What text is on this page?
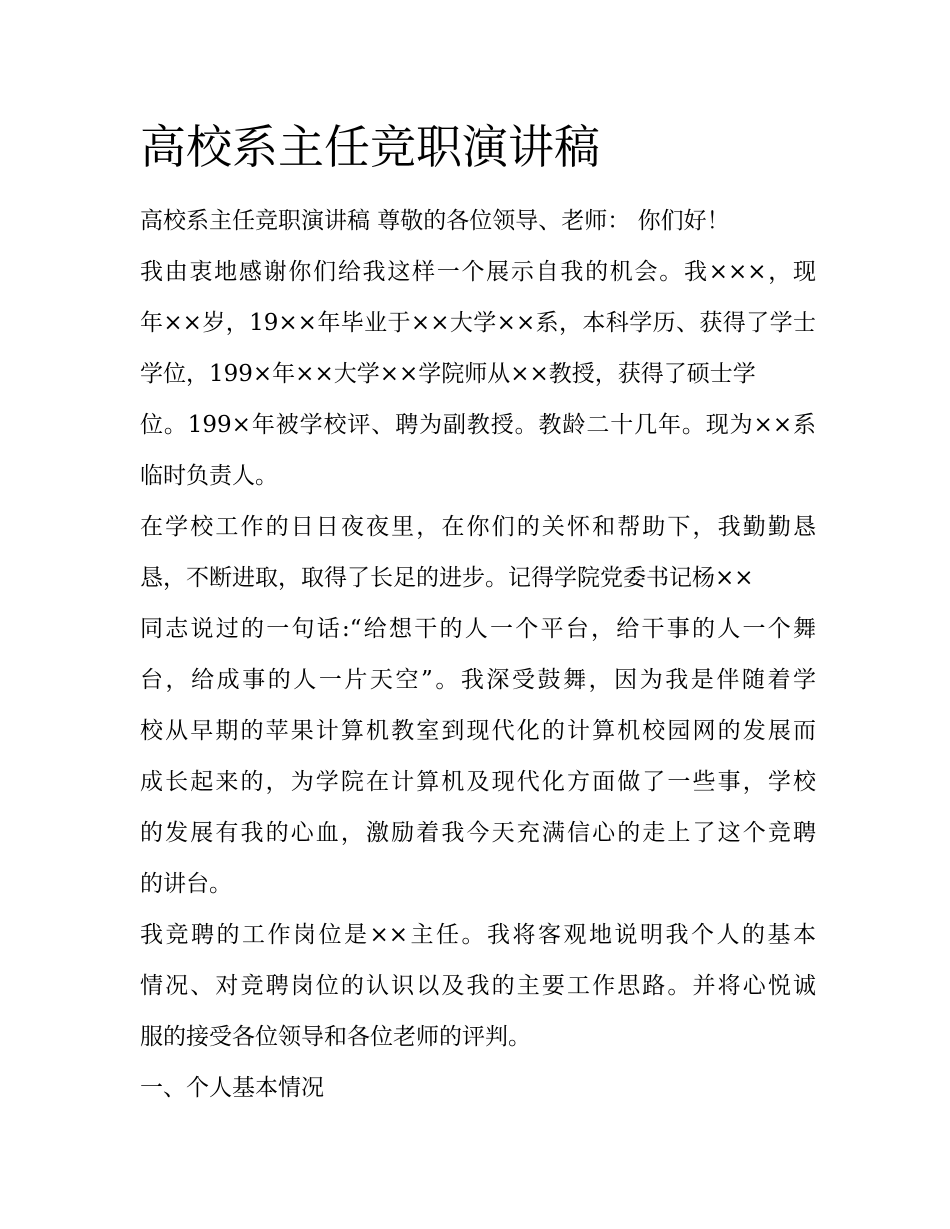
高校系主任竞职演讲稿
高校系主任竞职演讲稿 尊敬的各位领导、老师： 你们好！
我由衷地感谢你们给我这样一个展示自我的机会。我×××，现
年××岁，19××年毕业于××大学××系，本科学历、获得了学士
学位，199×年××大学××学院师从××教授，获得了硕士学
位。199×年被学校评、聘为副教授。教龄二十几年。现为××系
临时负责人。
在学校工作的日日夜夜里，在你们的关怀和帮助下，我勤勤恳
恳，不断进取，取得了长足的进步。记得学院党委书记杨××
同志说过的一句话:“给想干的人一个平台，给干事的人一个舞
台，给成事的人一片天空”。我深受鼓舞，因为我是伴随着学
校从早期的苹果计算机教室到现代化的计算机校园网的发展而
成长起来的，为学院在计算机及现代化方面做了一些事，学校
的发展有我的心血，激励着我今天充满信心的走上了这个竞聘
的讲台。
我竞聘的工作岗位是××主任。我将客观地说明我个人的基本
情况、对竞聘岗位的认识以及我的主要工作思路。并将心悦诚
服的接受各位领导和各位老师的评判。
一、个人基本情况
